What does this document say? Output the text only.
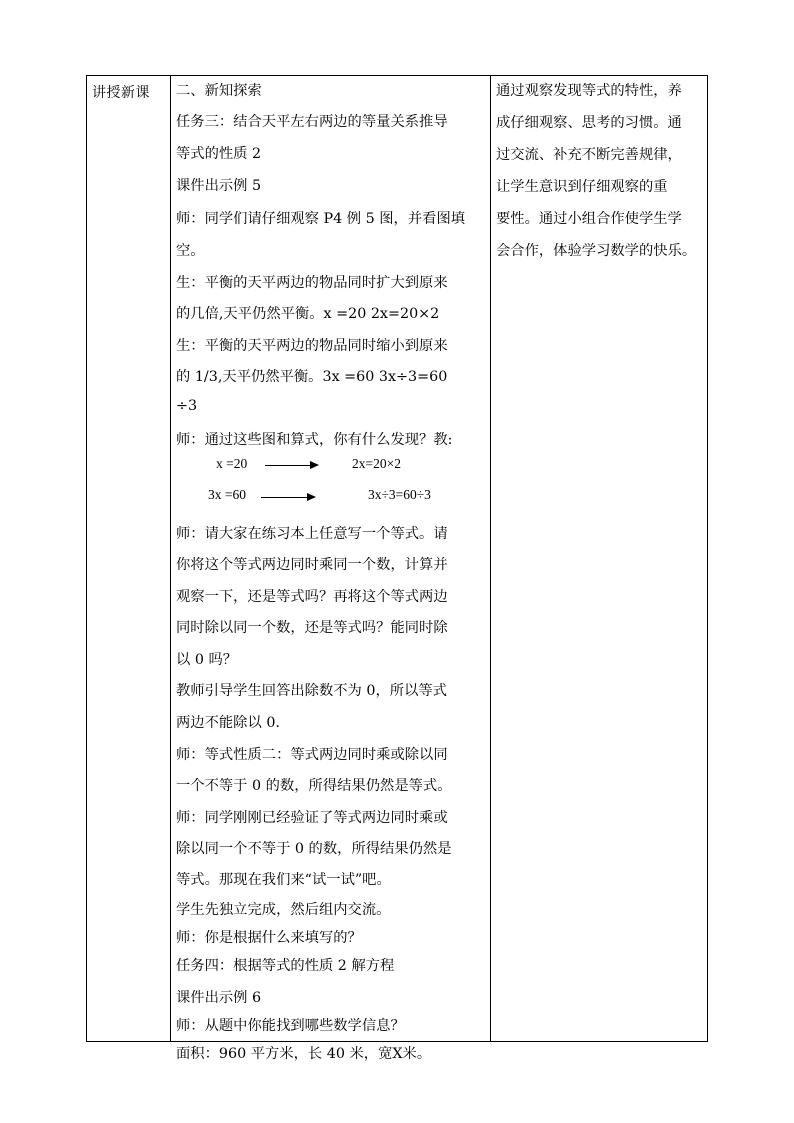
讲授新课 二、新知探索
任务三：结合天平左右两边的等量关系推导
等式的性质 2
课件出示例 5
师：同学们请仔细观察 P4 例 5 图，并看图填
空。
生：平衡的天平两边的物品同时扩大到原来
的几倍,天平仍然平衡。x =20 2x=20×2
生：平衡的天平两边的物品同时缩小到原来
的 1/3,天平仍然平衡。3x =60 3x÷3=60
÷3
师：通过这些图和算式，你有什么发现？教:
师：请大家在练习本上任意写一个等式。请
你将这个等式两边同时乘同一个数，计算并
观察一下，还是等式吗？再将这个等式两边
同时除以同一个数，还是等式吗？能同时除
以 0 吗？
教师引导学生回答出除数不为 0，所以等式
两边不能除以 0.
师：等式性质二：等式两边同时乘或除以同
一个不等于 0 的数，所得结果仍然是等式。
师：同学刚刚已经验证了等式两边同时乘或
除以同一个不等于 0 的数，所得结果仍然是
等式。那现在我们来“试一试”吧。
学生先独立完成，然后组内交流。
师：你是根据什么来填写的？
任务四：根据等式的性质 2 解方程
课件出示例 6
师：从题中你能找到哪些数学信息？
面积：960 平方米，长 40 米，宽Ⅹ米。
x =20	2x=20×2
3x =60	3x÷3=60÷3
通过观察发现等式的特性，养
成仔细观察、思考的习惯。通
过交流、补充不断完善规律，
让学生意识到仔细观察的重
要性。通过小组合作使学生学
会合作，体验学习数学的快乐。
